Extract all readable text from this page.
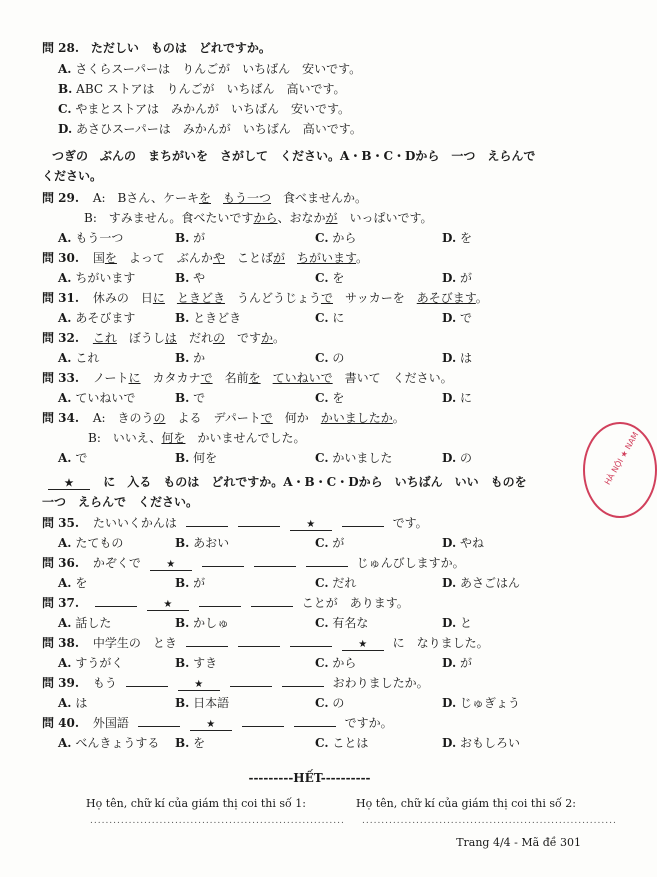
問 28. ただしい　ものは　どれですか。
A. さくらスーパーは　りんごが　いちばん　安いです。
B. ABC ストアは　りんごが　いちばん　高いです。
C. やまとストアは　みかんが　いちばん　安いです。
D. あさひスーパーは　みかんが　いちばん　高いです。
つぎの　ぶんの　まちがいを　さがして　ください。A・B・C・Dから　一つ　えらんで
ください。
問 29. A: Bさん、ケーキを　 もう一つ　食べませんか。
B: すみません。食べたいですから、おなかが　いっぱいです。
A. もう一つ	B. が	C. から	D. を
問 30. 国を　よって　ぶんかや　ことばが　 ちがいます。
A. ちがいます	B. や	C. を	D. が
問 31. 休みの　日に　 ときどき　うんどうじょうで　サッカーを　あそびます。
A. あそびます	B. ときどき	C. に	D. で
問 32. これ　ぼうしは　だれの　ですか。
A. これ	B. か	C. の	D. は
問 33. ノートに　カタカナで　名前を　 ていねいで　書いて　ください。
A. ていねいで	B. で	C. を	D. に
問 34. A: きのうの　よる　デパートで　何か　かいましたか。
B: いいえ、何を　かいませんでした。
A. で	B. 何を	C. かいました	D. の
★ に　入る　ものは　どれですか。A・B・C・Dから　いちばん　いい　ものを
一つ　えらんで　ください。
問 35. たいいくかんは	★	です。
A. たてもの	B. あおい	C. が	D. やね
問 36. かぞくで	★	じゅんびしますか。
A. を	B. が	C. だれ	D. あさごはん
問 37.	★	ことが　あります。
A. 話した	B. かしゅ	C. 有名な	D. と
問 38. 中学生の　とき	★ に　なりました。
A. すうがく	B. すき	C. から	D. が
問 39. もう	★	おわりましたか。
A. は	B. 日本語	C. の	D. じゅぎょう
問 40. 外国語	★	ですか。
A. べんきょうする B. を	C. ことは	D. おもしろい
---------HẾT----------
Họ tên, chữ kí của giám thị coi thi số 1:	Họ tên, chữ kí của giám thị coi thi số 2:
.................................................................. ..................................................................
Trang 4/4 - Mã đề 301
HÀ NỘI ★ NAM
